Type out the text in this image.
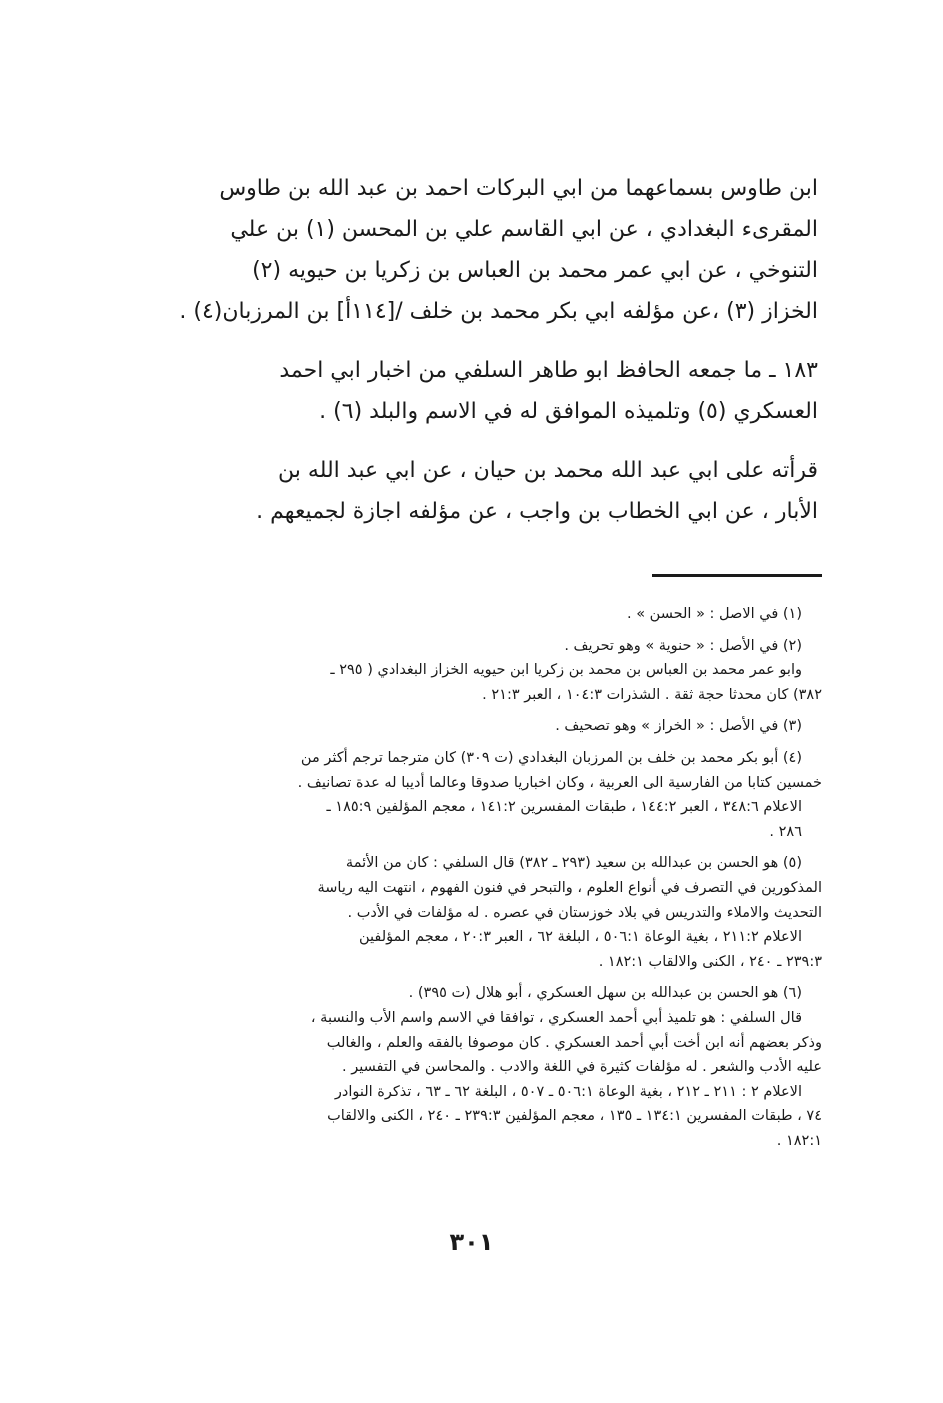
ابن طاوس بسماعهما من ابي البركات احمد بن عبد الله بن طاوس

المقرىء البغدادي ، عن ابي القاسم علي بن المحسن (١) بن علي

التنوخي ، عن ابي عمر محمد بن العباس بن زكريا بن حيويه (٢)

الخزاز (٣) ،عن مؤلفه ابي بكر محمد بن خلف /[١١٤أ] بن المرزبان(٤) .

١٨٣ ـ ما جمعه الحافظ ابو طاهر السلفي من اخبار ابي احمد

العسكري (٥) وتلميذه الموافق له في الاسم والبلد (٦) .

قرأته على ابي عبد الله محمد بن حيان ، عن ابي عبد الله بن

الأبار ، عن ابي الخطاب بن واجب ، عن مؤلفه اجازة لجميعهم .

(١) في الاصل : « الحسن » .

(٢) في الأصل : « حنوية » وهو تحريف .

وابو عمر محمد بن العباس بن محمد بن زكريا ابن حيويه الخزاز البغدادي ( ٢٩٥ ـ

٣٨٢) كان محدثا حجة ثقة . الشذرات ١٠٤:٣ ، العبر ٢١:٣ .

(٣) في الأصل : « الخراز » وهو تصحيف .

(٤) أبو بكر محمد بن خلف بن المرزبان البغدادي (ت ٣٠٩) كان مترجما ترجم أكثر من

خمسين كتابا من الفارسية الى العربية ، وكان اخباريا صدوقا وعالما أديبا له عدة تصانيف .

الاعلام ٣٤٨:٦ ، العبر ١٤٤:٢ ، طبقات المفسرين ١٤١:٢ ، معجم المؤلفين ١٨٥:٩ ـ

٢٨٦ .

(٥) هو الحسن بن عبدالله بن سعيد (٢٩٣ ـ ٣٨٢) قال السلفي : كان من الأئمة

المذكورين في التصرف في أنواع العلوم ، والتبحر في فنون الفهوم ، انتهت اليه رياسة

التحديث والاملاء والتدريس في بلاد خوزستان في عصره . له مؤلفات في الأدب .

الاعلام ٢١١:٢ ، بغية الوعاة ٥٠٦:١ ، البلغة ٦٢ ، العبر ٢٠:٣ ، معجم المؤلفين

٢٣٩:٣ ـ ٢٤٠ ، الكنى والالقاب ١٨٢:١ .

(٦) هو الحسن بن عبدالله بن سهل العسكري ، أبو هلال (ت ٣٩٥) .

قال السلفي : هو تلميذ أبي أحمد العسكري ، توافقا في الاسم واسم الأب والنسبة ،

وذكر بعضهم أنه ابن أخت أبي أحمد العسكري . كان موصوفا بالفقه والعلم ، والغالب

عليه الأدب والشعر . له مؤلفات كثيرة في اللغة والادب . والمحاسن في التفسير .

الاعلام ٢ : ٢١١ ـ ٢١٢ ، بغية الوعاة ٥٠٦:١ ـ ٥٠٧ ، البلغة ٦٢ ـ ٦٣ ، تذكرة النوادر

٧٤ ، طبقات المفسرين ١٣٤:١ ـ ١٣٥ ، معجم المؤلفين ٢٣٩:٣ ـ ٢٤٠ ، الكنى والالقاب

١٨٢:١ .

٣٠١
